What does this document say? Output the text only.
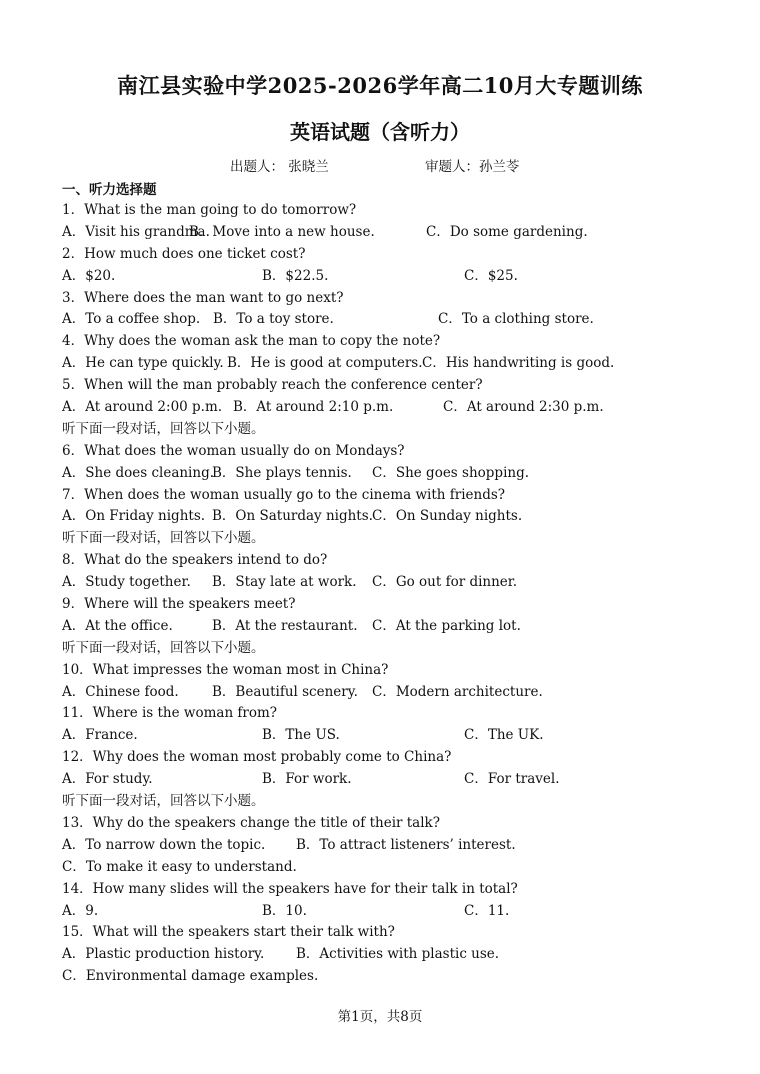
南江县实验中学2025-2026学年高二10月大专题训练
英语试题（含听力）
出题人： 张晓兰	审题人：孙兰苓
一、听力选择题
1．What is the man going to do tomorrow?
A．Visit his grandma.
B．Move into a new house.	C．Do some gardening.
2．How much does one ticket cost?
A．$20.	B．$22.5.	C．$25.
3．Where does the man want to go next?
A．To a coffee shop. B．To a toy store.	C．To a clothing store.
4．Why does the woman ask the man to copy the note?
A．He can type quickly. B．He is good at computers. C．His handwriting is good.
5．When will the man probably reach the conference center?
A．At around 2:00 p.m. B．At around 2:10 p.m.	C．At around 2:30 p.m.
听下面一段对话，回答以下小题。
6．What does the woman usually do on Mondays?
A．She does cleaning.
B．She plays tennis. C．She goes shopping.
7．When does the woman usually go to the cinema with friends?
A．On Friday nights. B．On Saturday nights. C．On Sunday nights.
听下面一段对话，回答以下小题。
8．What do the speakers intend to do?
A．Study together. B．Stay late at work. C．Go out for dinner.
9．Where will the speakers meet?
A．At the office.	B．At the restaurant. C．At the parking lot.
听下面一段对话，回答以下小题。
10．What impresses the woman most in China?
A．Chinese food. B．Beautiful scenery. C．Modern architecture.
11．Where is the woman from?
A．France.	B．The US.	C．The UK.
12．Why does the woman most probably come to China?
A．For study.	B．For work.	C．For travel.
听下面一段对话，回答以下小题。
13．Why do the speakers change the title of their talk?
A．To narrow down the topic. B．To attract listeners’ interest.
C．To make it easy to understand.
14．How many slides will the speakers have for their talk in total?
A．9.	B．10.	C．11.
15．What will the speakers start their talk with?
A．Plastic production history. B．Activities with plastic use.
C．Environmental damage examples.
第1页，共8页
